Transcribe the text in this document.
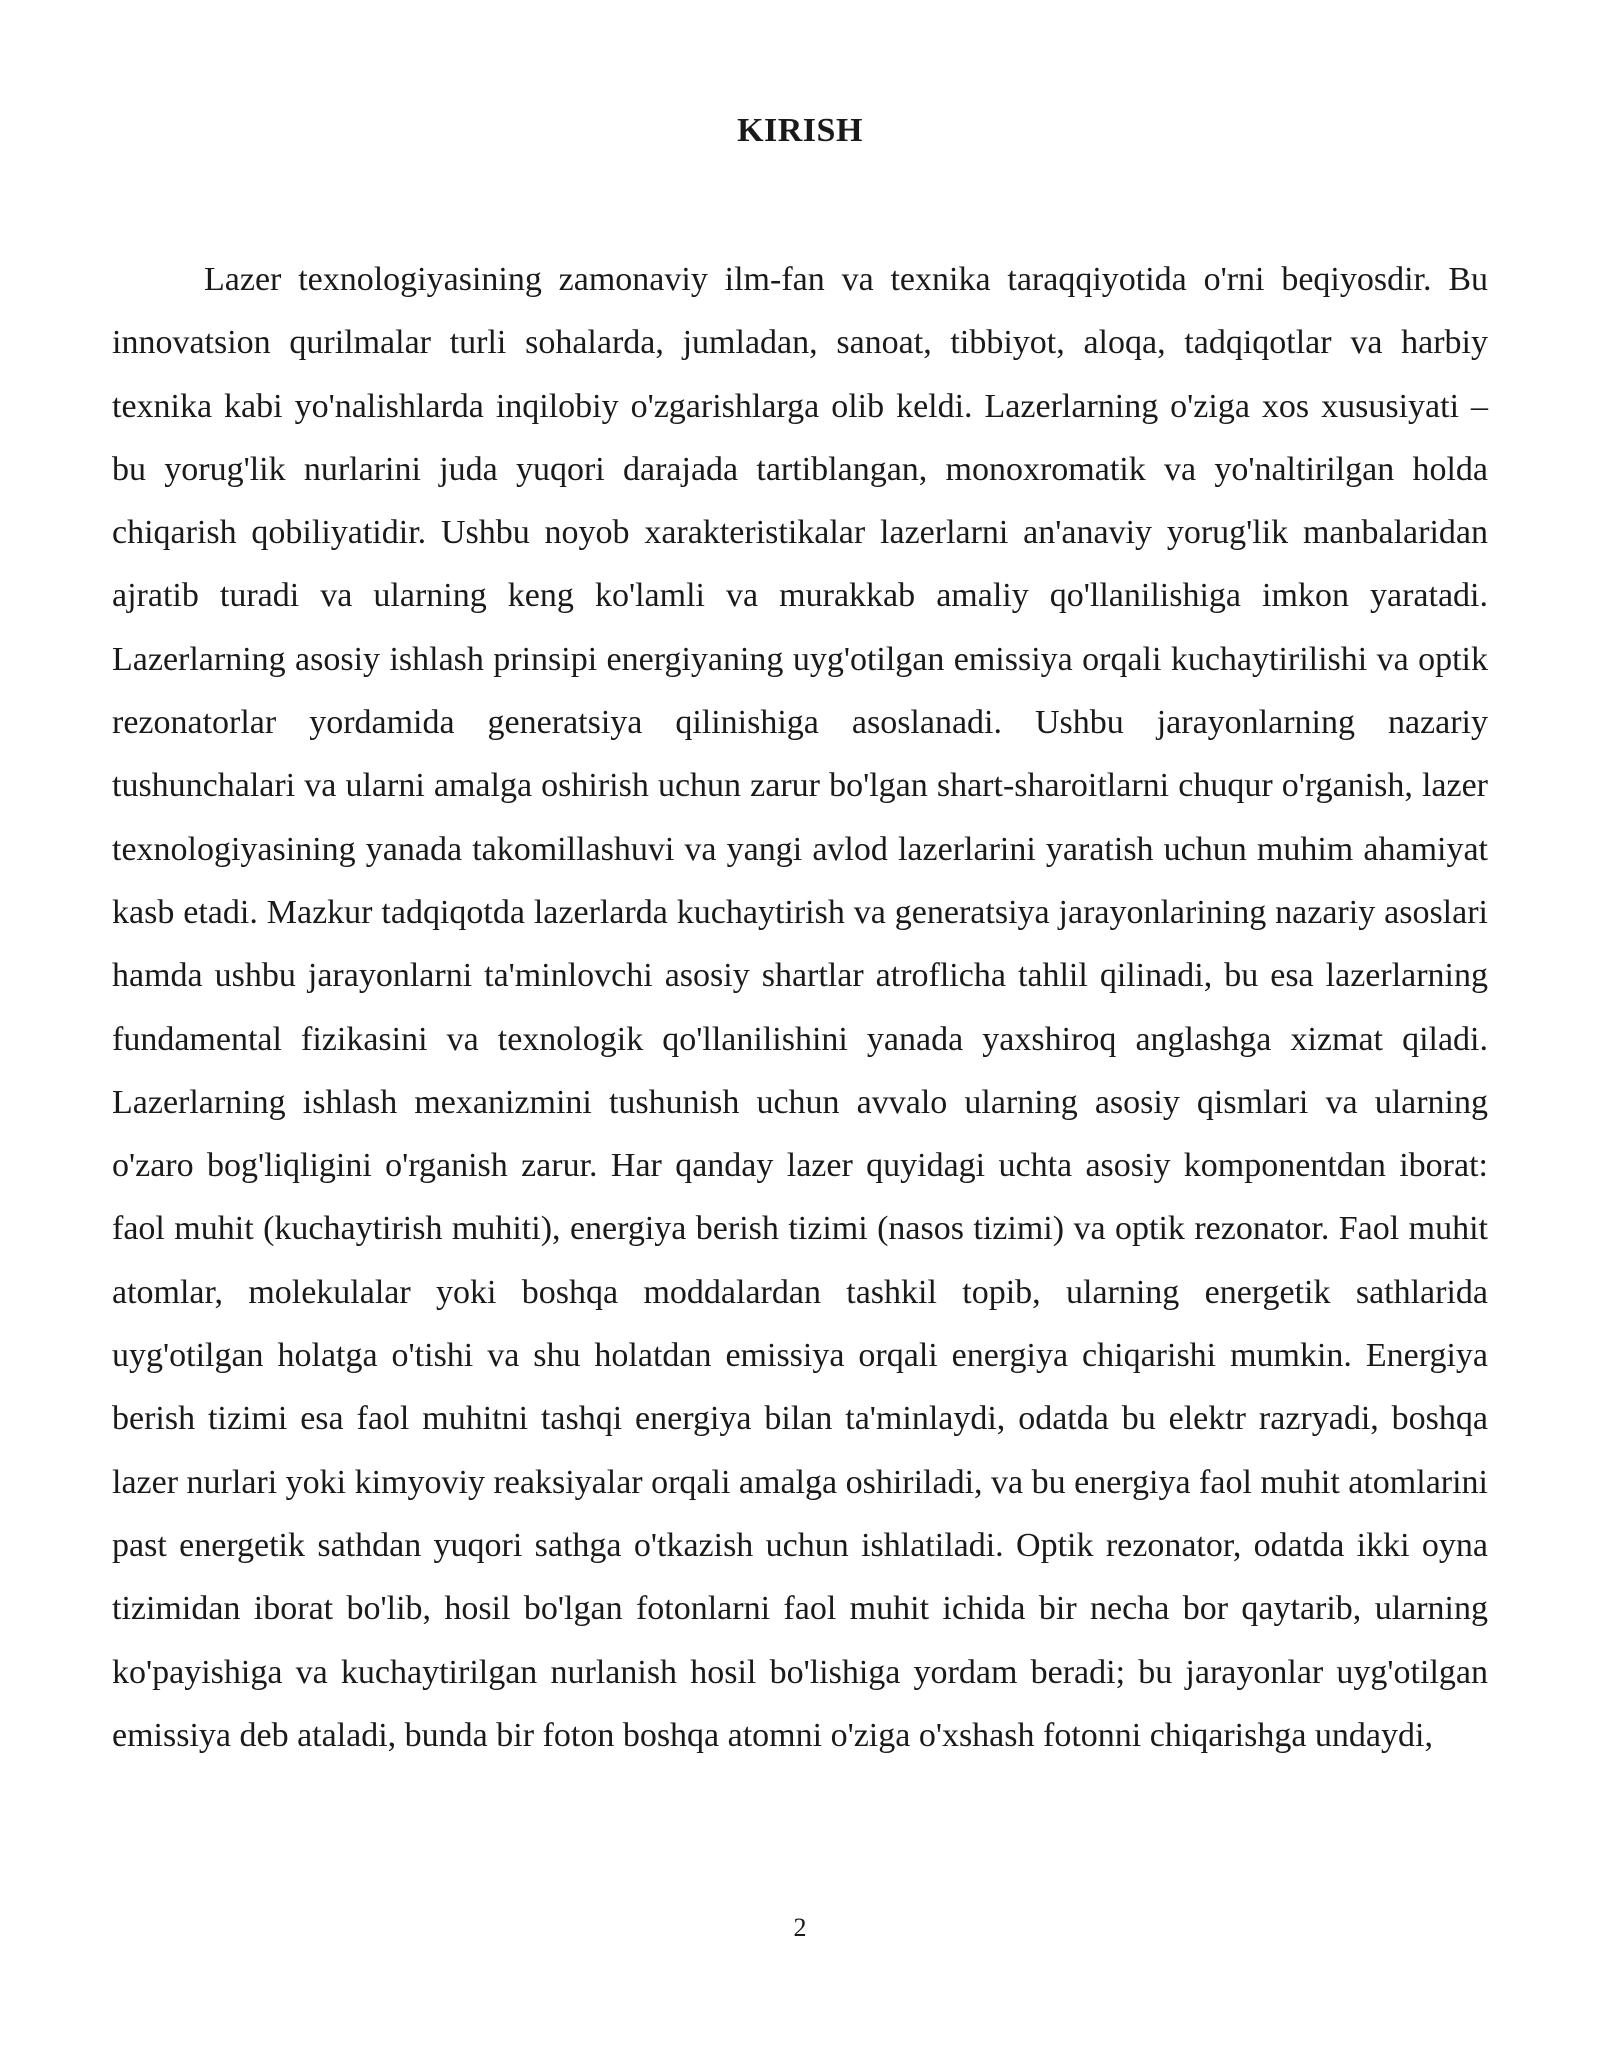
KIRISH

Lazer texnologiyasining zamonaviy ilm-fan va texnika taraqqiyotida o'rni beqiyosdir. Bu innovatsion qurilmalar turli sohalarda, jumladan, sanoat, tibbiyot, aloqa, tadqiqotlar va harbiy texnika kabi yo'nalishlarda inqilobiy o'zgarishlarga olib keldi. Lazerlarning o'ziga xos xususiyati – bu yorug'lik nurlarini juda yuqori darajada tartiblangan, monoxromatik va yo'naltirilgan holda chiqarish qobiliyatidir. Ushbu noyob xarakteristikalar lazerlarni an'anaviy yorug'lik manbalaridan ajratib turadi va ularning keng ko'lamli va murakkab amaliy qo'llanilishiga imkon yaratadi. Lazerlarning asosiy ishlash prinsipi energiyaning uyg'otilgan emissiya orqali kuchaytirilishi va optik rezonatorlar yordamida generatsiya qilinishiga asoslanadi. Ushbu jarayonlarning nazariy tushunchalari va ularni amalga oshirish uchun zarur bo'lgan shart-sharoitlarni chuqur o'rganish, lazer texnologiyasining yanada takomillashuvi va yangi avlod lazerlarini yaratish uchun muhim ahamiyat kasb etadi. Mazkur tadqiqotda lazerlarda kuchaytirish va generatsiya jarayonlarining nazariy asoslari hamda ushbu jarayonlarni ta'minlovchi asosiy shartlar atroflicha tahlil qilinadi, bu esa lazerlarning fundamental fizikasini va texnologik qo'llanilishini yanada yaxshiroq anglashga xizmat qiladi. Lazerlarning ishlash mexanizmini tushunish uchun avvalo ularning asosiy qismlari va ularning o'zaro bog'liqligini o'rganish zarur. Har qanday lazer quyidagi uchta asosiy komponentdan iborat: faol muhit (kuchaytirish muhiti), energiya berish tizimi (nasos tizimi) va optik rezonator. Faol muhit atomlar, molekulalar yoki boshqa moddalardan tashkil topib, ularning energetik sathlarida uyg'otilgan holatga o'tishi va shu holatdan emissiya orqali energiya chiqarishi mumkin. Energiya berish tizimi esa faol muhitni tashqi energiya bilan ta'minlaydi, odatda bu elektr razryadi, boshqa lazer nurlari yoki kimyoviy reaksiyalar orqali amalga oshiriladi, va bu energiya faol muhit atomlarini past energetik sathdan yuqori sathga o'tkazish uchun ishlatiladi. Optik rezonator, odatda ikki oyna tizimidan iborat bo'lib, hosil bo'lgan fotonlarni faol muhit ichida bir necha bor qaytarib, ularning ko'payishiga va kuchaytirilgan nurlanish hosil bo'lishiga yordam beradi; bu jarayonlar uyg'otilgan emissiya deb ataladi, bunda bir foton boshqa atomni o'ziga o'xshash fotonni chiqarishga undaydi,

2
